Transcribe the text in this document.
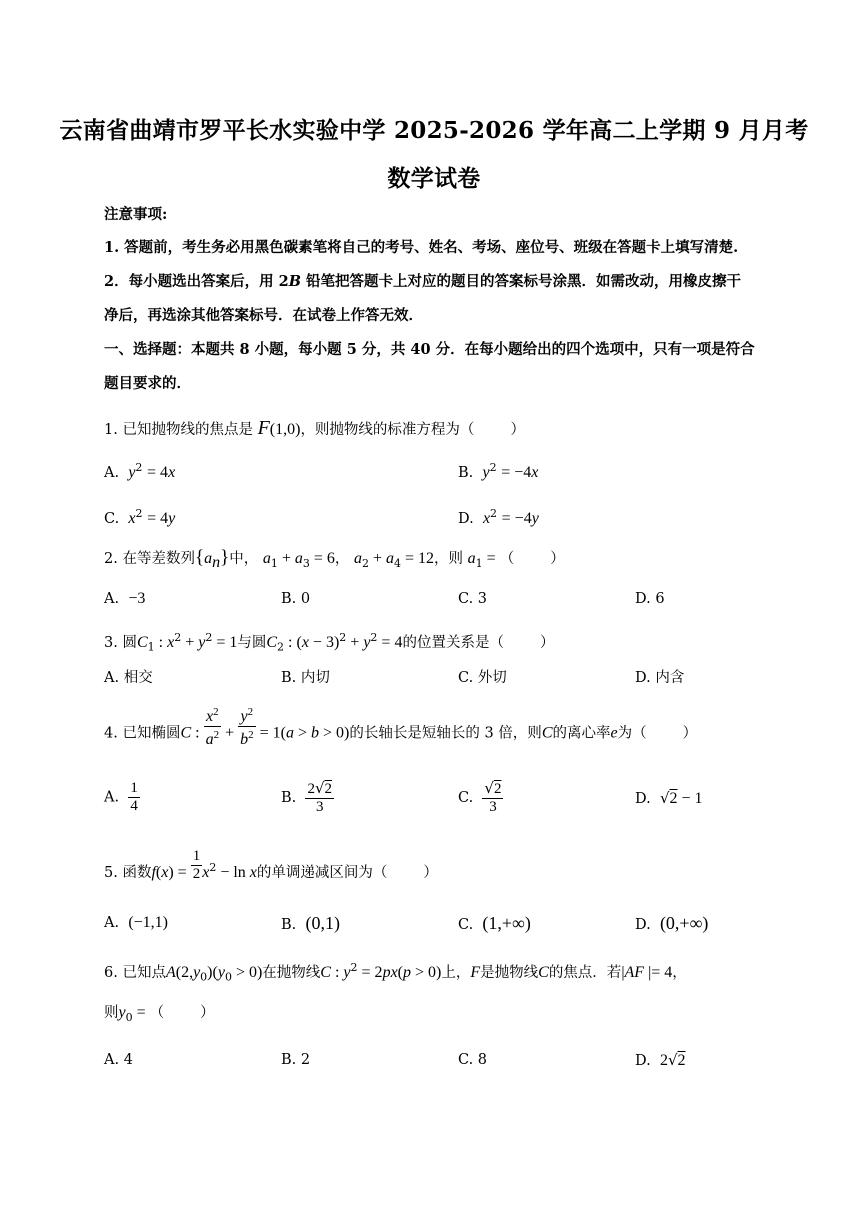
云南省曲靖市罗平长水实验中学 2025-2026 学年高二上学期 9 月月考
数学试卷
注意事项:
1. 答题前，考生务必用黑色碳素笔将自己的考号、姓名、考场、座位号、班级在答题卡上填写清楚.
2．每小题选出答案后，用 2B 铅笔把答题卡上对应的题目的答案标号涂黑．如需改动，用橡皮擦干
净后，再选涂其他答案标号．在试卷上作答无效．
一、选择题：本题共 8 小题，每小题 5 分，共 40 分．在每小题给出的四个选项中，只有一项是符合
题目要求的．
1. 已知抛物线的焦点是 F(1,0)，则抛物线的标准方程为（ ）
A. $y^2 = 4x$	B. $y^2 = -4x$
C. $x^2 = 4y$	D. $x^2 = -4y$
2. 在等差数列$\{a_n\}$中， $a_1 + a_3 = 6$， $a_2 + a_4 = 12$，则 $a_1$ = （ ）
A. −3	B. 0	C. 3	D. 6
3. 圆$C_1$ : $x^2 + y^2 = 1$与圆$C_2$ : $(x - 3)^2 + y^2 = 4$的位置关系是（ ）
A. 相交	B. 内切	C. 外切	D. 内含
4. 已知椭圆C : $\frac{x^2}{a^2} + \frac{y^2}{b^2} = 1(a > b > 0)$的长轴长是短轴长的 3 倍，则C的离心率e为（ ）
A. $\frac{1}{4}$	B. $\frac{2√2}{3}$	C. $\frac{√2}{3}$	D. √2 − 1
5. 函数$f(x) = \frac{1}{2} x^2 - \ln x$的单调递减区间为（ ）
A. (−1,1)	B. (0,1)	C. (1,+∞)	D. (0,+∞)
6. 已知点$A(2,y_0)(y_0 > 0)$在抛物线C : $y^2 = 2px(p > 0)$上，F是抛物线C的焦点．若|AF |= 4，
则$y_0$ = （ ）
A. 4	B. 2	C. 8	D. 2√2
